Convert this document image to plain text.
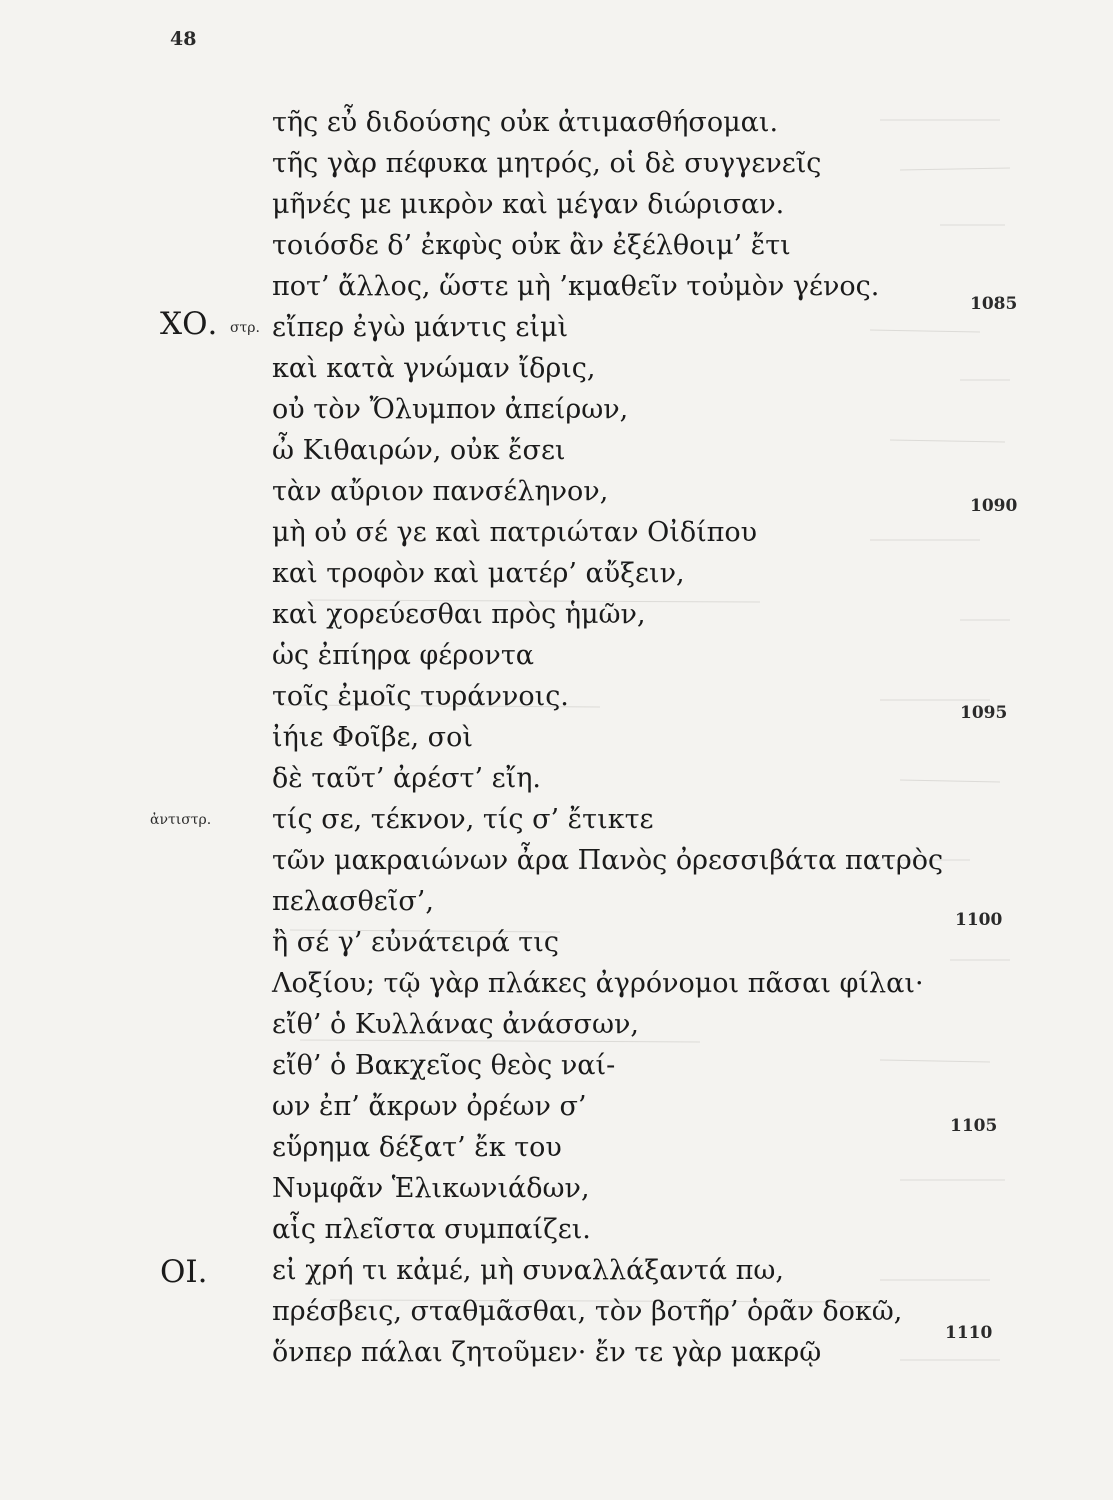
48
ΧΟ. στρ.
ἀντιστρ.
ΟΙ.
τῆς εὖ διδούσης οὐκ ἀτιμασθήσομαι.
τῆς γὰρ πέφυκα μητρός, οἱ δὲ συγγενεῖς
μῆνές με μικρὸν καὶ μέγαν διώρισαν.
τοιόσδε δ’ ἐκφὺς οὐκ ἂν ἐξέλθοιμ’ ἔτι
ποτ’ ἄλλος, ὥστε μὴ ’κμαθεῖν τοὐμὸν γένος.
εἴπερ ἐγὼ μάντις εἰμὶ
καὶ κατὰ γνώμαν ἴδρις,
οὐ τὸν Ὄλυμπον ἀπείρων,
ὦ Κιθαιρών, οὐκ ἔσει
τὰν αὔριον πανσέληνον,
μὴ οὐ σέ γε καὶ πατριώταν Οἰδίπου
καὶ τροφὸν καὶ ματέρ’ αὔξειν,
καὶ χορεύεσθαι πρὸς ἡμῶν,
ὡς ἐπίηρα φέροντα
τοῖς ἐμοῖς τυράννοις.
ἰήιε Φοῖβε, σοὶ
δὲ ταῦτ’ ἀρέστ’ εἴη.
τίς σε, τέκνον, τίς σ’ ἔτικτε
τῶν μακραιώνων ἆρα Πανὸς ὀρεσσιβάτα πατρὸς
πελασθεῖσ’,
ἢ σέ γ’ εὐνάτειρά τις
Λοξίου; τῷ γὰρ πλάκες ἀγρόνομοι πᾶσαι φίλαι·
εἴθ’ ὁ Κυλλάνας ἀνάσσων,
εἴθ’ ὁ Βακχεῖος θεὸς ναί-
ων ἐπ’ ἄκρων ὀρέων σ’
εὕρημα δέξατ’ ἔκ του
Νυμφᾶν Ἑλικωνιάδων,
αἷς πλεῖστα συμπαίζει.
εἰ χρή τι κἀμέ, μὴ συναλλάξαντά πω,
πρέσβεις, σταθμᾶσθαι, τὸν βοτῆρ’ ὁρᾶν δοκῶ,
ὅνπερ πάλαι ζητοῦμεν· ἔν τε γὰρ μακρῷ
1085
1090
1095
1100
1105
1110
